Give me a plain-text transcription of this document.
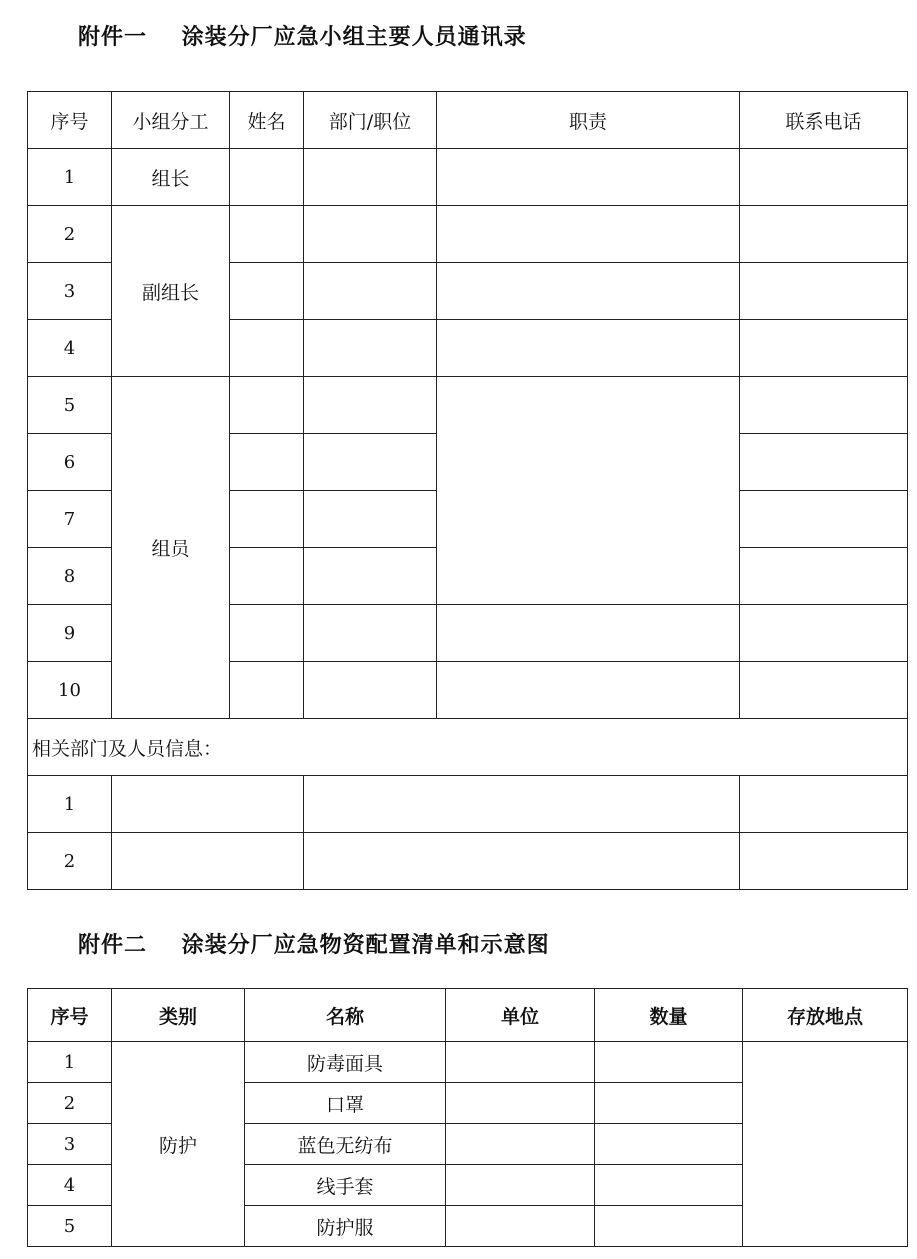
附件一    涂装分厂应急小组主要人员通讯录
序号	小组分工	姓名	部门/职位	职责	联系电话
1	组长				
2	副组长				
3					
4					
5	组员				
6					
7					
8					
9					
10					
相关部门及人员信息：					
1					
2					
附件二    涂装分厂应急物资配置清单和示意图
序号	类别	名称	单位	数量	存放地点
1	防护	防毒面具			
2		口罩			
3		蓝色无纺布			
4		线手套			
5		防护服			
